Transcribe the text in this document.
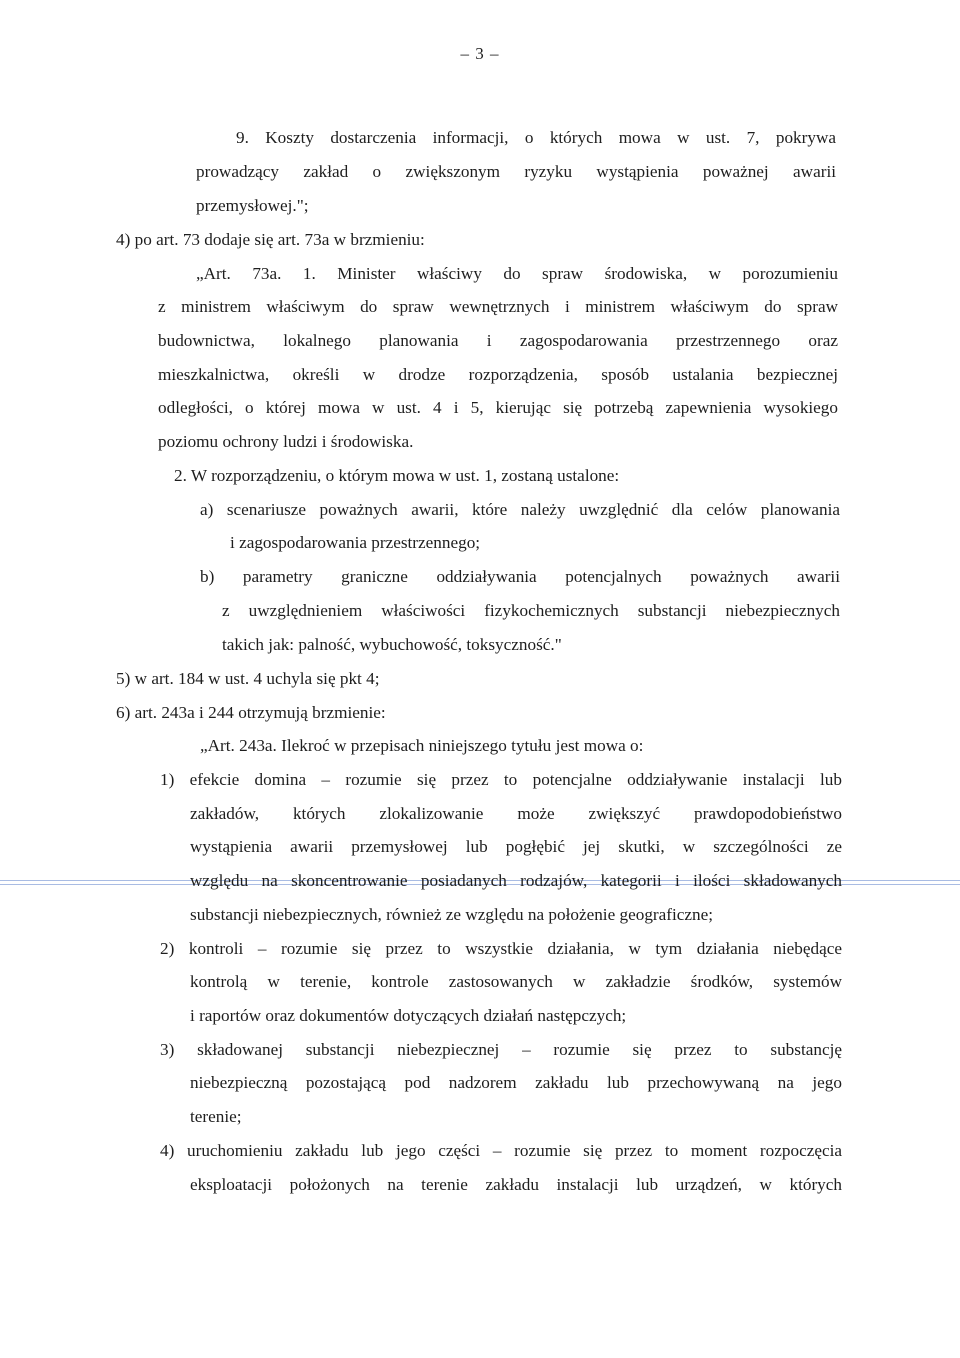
– 3 –
9. Koszty dostarczenia informacji, o których mowa w ust. 7, pokrywa
prowadzący zakład o zwiększonym ryzyku wystąpienia poważnej awarii
przemysłowej.";
4) po art. 73 dodaje się art. 73a w brzmieniu:
„Art. 73a. 1. Minister właściwy do spraw środowiska, w porozumieniu
z ministrem właściwym do spraw wewnętrznych i ministrem właściwym do spraw
budownictwa, lokalnego planowania i zagospodarowania przestrzennego oraz
mieszkalnictwa, określi w drodze rozporządzenia, sposób ustalania bezpiecznej
odległości, o której mowa w ust. 4 i 5, kierując się potrzebą zapewnienia wysokiego
poziomu ochrony ludzi i środowiska.
2. W rozporządzeniu, o którym mowa w ust. 1, zostaną ustalone:
a) scenariusze poważnych awarii, które należy uwzględnić dla celów planowania
i zagospodarowania przestrzennego;
b) parametry graniczne oddziaływania potencjalnych poważnych awarii
z uwzględnieniem właściwości fizykochemicznych substancji niebezpiecznych
takich jak: palność, wybuchowość, toksyczność."
5) w art. 184 w ust. 4 uchyla się pkt 4;
6) art. 243a i 244 otrzymują brzmienie:
„Art. 243a. Ilekroć w przepisach niniejszego tytułu jest mowa o:
1) efekcie domina – rozumie się przez to potencjalne oddziaływanie instalacji lub
zakładów, których zlokalizowanie może zwiększyć prawdopodobieństwo
wystąpienia awarii przemysłowej lub pogłębić jej skutki, w szczególności ze
względu na skoncentrowanie posiadanych rodzajów, kategorii i ilości składowanych
substancji niebezpiecznych, również ze względu na położenie geograficzne;
2) kontroli – rozumie się przez to wszystkie działania, w tym działania niebędące
kontrolą w terenie, kontrole zastosowanych w zakładzie środków, systemów
i raportów oraz dokumentów dotyczących działań następczych;
3) składowanej substancji niebezpiecznej – rozumie się przez to substancję
niebezpieczną pozostającą pod nadzorem zakładu lub przechowywaną na jego
terenie;
4) uruchomieniu zakładu lub jego części – rozumie się przez to moment rozpoczęcia
eksploatacji położonych na terenie zakładu instalacji lub urządzeń, w których
